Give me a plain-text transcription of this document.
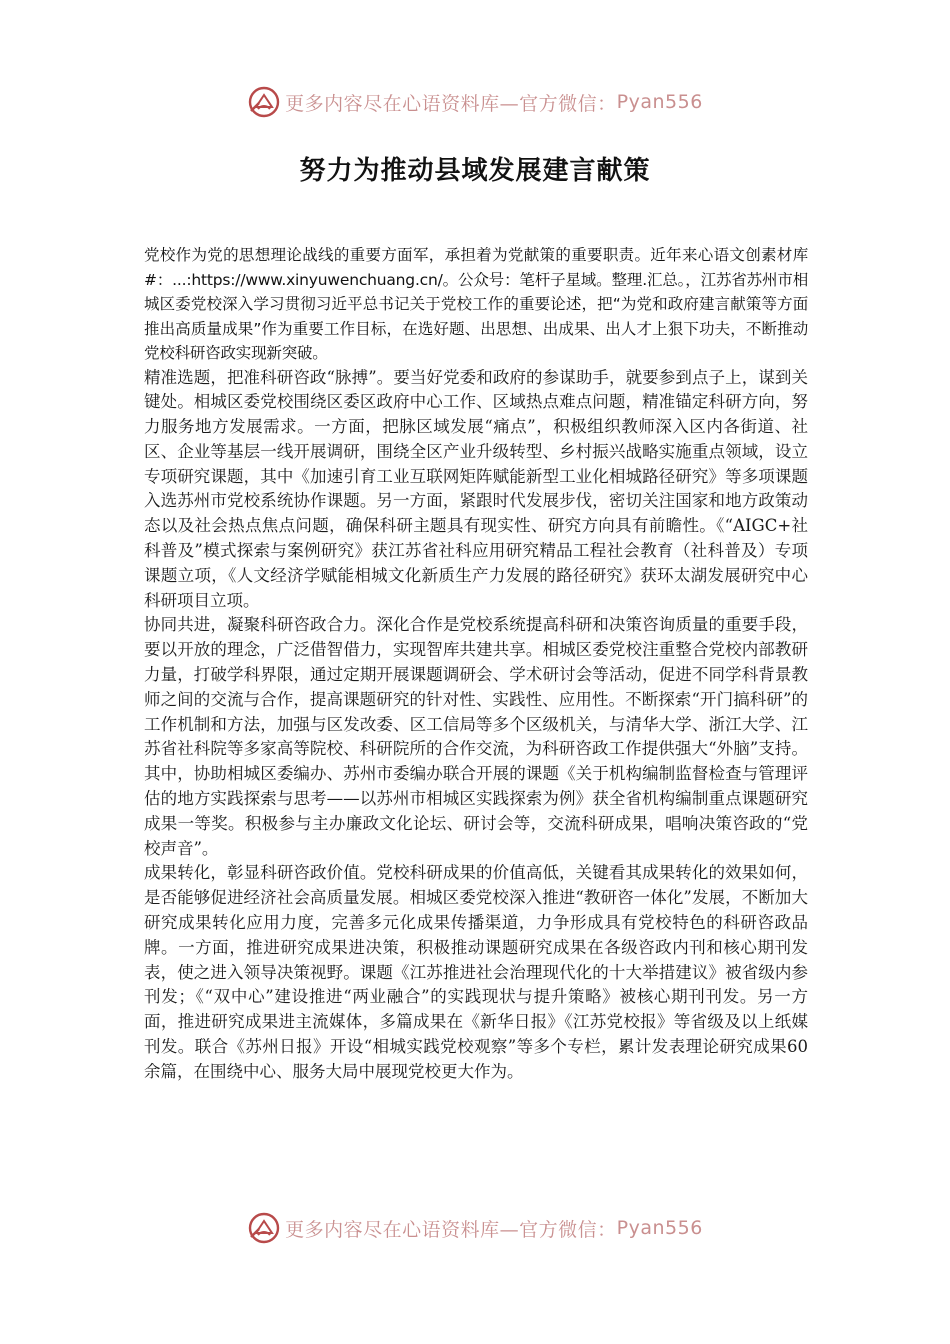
更多内容尽在心语资料库—官方微信： Pyan556
努力为推动县域发展建言献策

党校作为党的思想理论战线的重要方面军，承担着为党献策的重要职责。近年来心语文创素材库#：...:https://www.xinyuwenchuang.cn/。公众号：笔杆子星域。整理.汇总。，江苏省苏州市相城区委党校深入学习贯彻习近平总书记关于党校工作的重要论述，把“为党和政府建言献策等方面推出高质量成果”作为重要工作目标，在选好题、出思想、出成果、出人才上狠下功夫，不断推动党校科研咨政实现新突破。

精准选题，把准科研咨政“脉搏”。要当好党委和政府的参谋助手，就要参到点子上，谋到关键处。相城区委党校围绕区委区政府中心工作、区域热点难点问题，精准锚定科研方向，努力服务地方发展需求。一方面，把脉区域发展“痛点”，积极组织教师深入区内各街道、社区、企业等基层一线开展调研，围绕全区产业升级转型、乡村振兴战略实施重点领域，设立专项研究课题，其中《加速引育工业互联网矩阵赋能新型工业化相城路径研究》等多项课题入选苏州市党校系统协作课题。另一方面，紧跟时代发展步伐，密切关注国家和地方政策动态以及社会热点焦点问题，确保科研主题具有现实性、研究方向具有前瞻性。《“AIGC+社科普及”模式探索与案例研究》获江苏省社科应用研究精品工程社会教育（社科普及）专项课题立项，《人文经济学赋能相城文化新质生产力发展的路径研究》获环太湖发展研究中心科研项目立项。

协同共进，凝聚科研咨政合力。深化合作是党校系统提高科研和决策咨询质量的重要手段，要以开放的理念，广泛借智借力，实现智库共建共享。相城区委党校注重整合党校内部教研力量，打破学科界限，通过定期开展课题调研会、学术研讨会等活动，促进不同学科背景教师之间的交流与合作，提高课题研究的针对性、实践性、应用性。不断探索“开门搞科研”的工作机制和方法，加强与区发改委、区工信局等多个区级机关，与清华大学、浙江大学、江苏省社科院等多家高等院校、科研院所的合作交流，为科研咨政工作提供强大“外脑”支持。其中，协助相城区委编办、苏州市委编办联合开展的课题《关于机构编制监督检查与管理评估的地方实践探索与思考——以苏州市相城区实践探索为例》获全省机构编制重点课题研究成果一等奖。积极参与主办廉政文化论坛、研讨会等，交流科研成果，唱响决策咨政的“党校声音”。

成果转化，彰显科研咨政价值。党校科研成果的价值高低，关键看其成果转化的效果如何，是否能够促进经济社会高质量发展。相城区委党校深入推进“教研咨一体化”发展，不断加大研究成果转化应用力度，完善多元化成果传播渠道，力争形成具有党校特色的科研咨政品牌。一方面，推进研究成果进决策，积极推动课题研究成果在各级咨政内刊和核心期刊发表，使之进入领导决策视野。课题《江苏推进社会治理现代化的十大举措建议》被省级内参刊发；《“双中心”建设推进“两业融合”的实践现状与提升策略》被核心期刊刊发。另一方面，推进研究成果进主流媒体，多篇成果在《新华日报》《江苏党校报》等省级及以上纸媒刊发。联合《苏州日报》开设“相城实践党校观察”等多个专栏，累计发表理论研究成果60余篇，在围绕中心、服务大局中展现党校更大作为。

更多内容尽在心语资料库—官方微信： Pyan556
